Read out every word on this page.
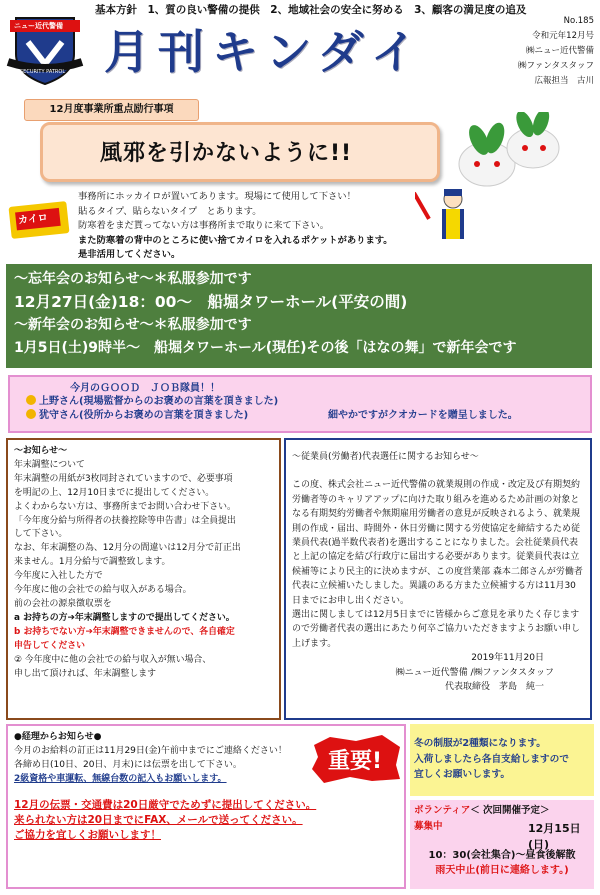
ニュー近代警備
SECURITY PATROL
基本方針　1、質の良い警備の提供　2、地域社会の安全に努める　3、顧客の満足度の追及
月刊キンダイ
No.185
令和元年12月号
㈱ニュー近代警備
㈱ファンタスタッフ
広報担当　古川
12月度事業所重点励行事項
風邪を引かないように!!
カイロ
事務所にホッカイロが置いてあります。現場にて使用して下さい！
貼るタイプ、貼らないタイプ　とあります。
防寒着をまだ貰ってない方は事務所まで取りに来て下さい。
また防寒着の背中のところに使い捨てカイロを入れるポケットがあります。
是非活用してください。
～忘年会のお知らせ～＊私服参加です
12月27日(金)18：00～　船堀タワーホール(平安の間)
～新年会のお知らせ～＊私服参加です
1月5日(土)9時半～　船堀タワーホール(現任)その後「はなの舞」で新年会です
今月のＧＯＯＤ　ＪＯＢ隊員！！
上野さん(現場監督からのお褒めの言葉を頂きました)
犹守さん(役所からお褒めの言葉を頂きました)	細やかですがクオカードを贈呈しました。
～お知らせ～
年末調整について
年末調整の用紙が3枚同封されていますので、必要事項
を明記の上、12月10日までに提出してください。
よくわからない方は、事務所までお問い合わせ下さい。
「今年度分給与所得者の扶養控除等申告書」は全員提出
して下さい。
なお、年末調整の為、12月分の間違いは12月分で訂正出
来ません。1月分給与で調整致します。
今年度に入社した方で
今年度に他の会社での給与収入がある場合。
前の会社の源泉徴収票を
a お持ちの方➔年末調整しますので提出してください。
b お持ちでない方➔年末調整できませんので、各自確定
申告してください
② 今年度中に他の会社での給与収入が無い場合、
申し出て頂ければ、年末調整します
～従業員(労働者)代表選任に関するお知らせ～
この度、株式会社ニュー近代警備の就業規則の作成・改定及び有期契約労働者等のキャリアアップに向けた取り組みを進めるため計画の対象となる有期契約労働者や無期雇用労働者の意見が反映されるよう、就業規則の作成・届出、時間外・休日労働に関する労使協定を締結するため従業員代表(過半数代表者)を選出することになりました。会社従業員代表と上記の協定を結び行政庁に届出する必要があります。従業員代表は立候補等により民主的に決めますが、この度営業部 森本二郎さんが労働者代表に立候補いたしました。異議のある方また立候補する方は11月30日までにお申し出ください。
選出に関しましては12月5日までに皆様からご意見を承りたく存じますので労働者代表の選出にあたり何卒ご協力いただきますようお願い申し上げます。
2019年11月20日
㈱ニュー近代警備 /㈱ファンタスタッフ
代表取締役　茅島　純一
●経理からお知らせ●
今月のお給料の訂正は11月29日(金)午前中までにご連絡ください！
各締め日(10日、20日、月末)には伝票を出して下さい。
2級資格や車運転、無線台数の記入もお願いします。
12月の伝票・交通費は20日厳守でためずに提出してください。
来られない方は20日までにFAX、メールで送ってください。
ご協力を宜しくお願いします！
重要!
冬の制服が2種類になります。
入荷しましたら各自支給しますので
宜しくお願いします。
ボランティア＜ 次回開催予定＞
募集中	12月15日(日)
10：30(会社集合)～昼食後解散
雨天中止(前日に連絡します。)
